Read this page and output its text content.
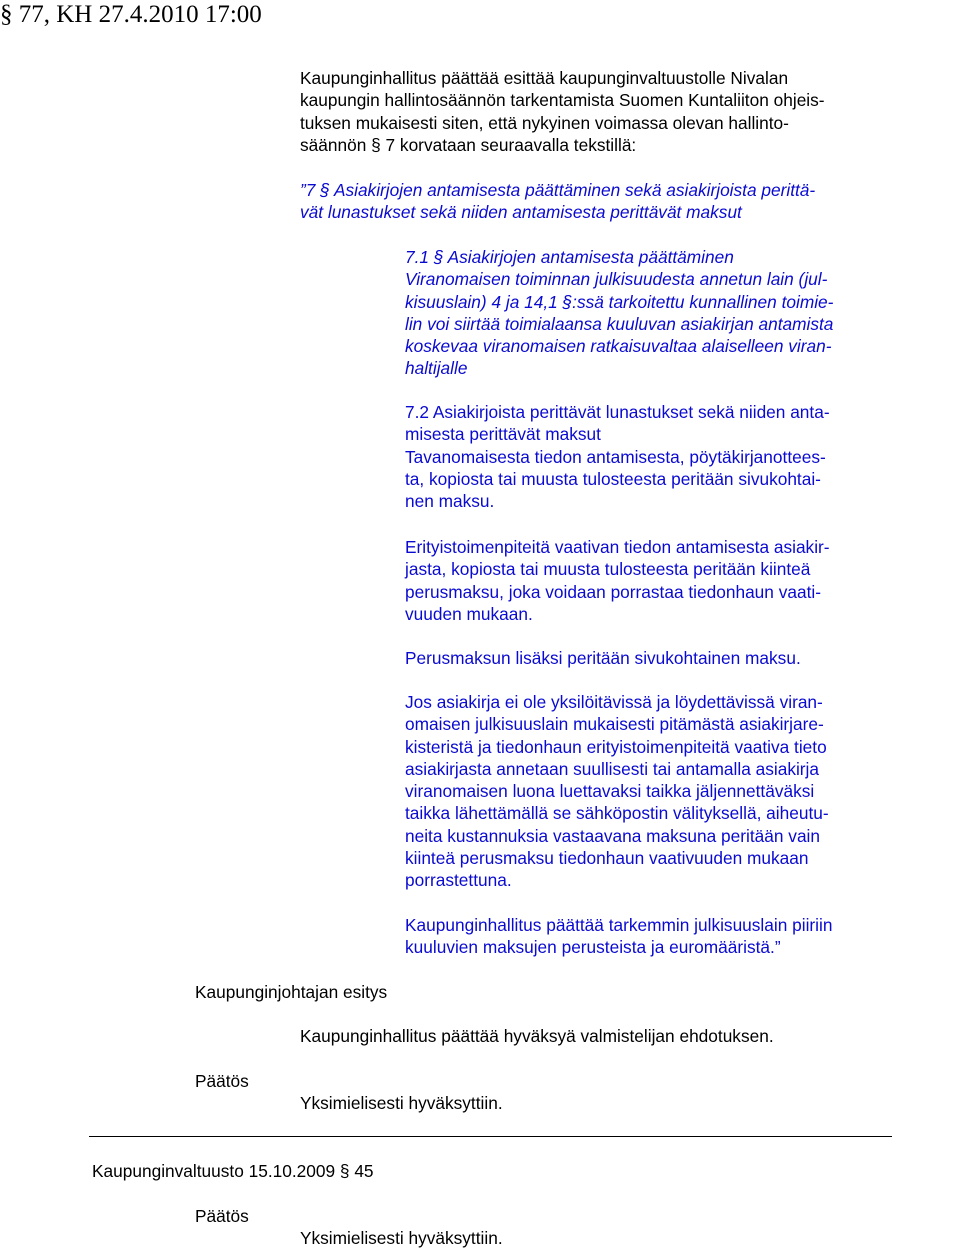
§ 77, KH 27.4.2010 17:00
Kaupunginhallitus päättää esittää kaupunginvaltuustolle Nivalan
kaupungin hallintosäännön tarkentamista Suomen Kuntaliiton ohjeis-
tuksen mukaisesti siten, että nykyinen voimassa olevan hallinto-
säännön § 7 korvataan seuraavalla tekstillä:
”7 § Asiakirjojen antamisesta päättäminen sekä asiakirjoista perittä-
vät lunastukset sekä niiden antamisesta perittävät maksut
7.1 § Asiakirjojen antamisesta päättäminen
Viranomaisen toiminnan julkisuudesta annetun lain (jul-
kisuuslain) 4 ja 14,1 §:ssä tarkoitettu kunnallinen toimie-
lin voi siirtää toimialaansa kuuluvan asiakirjan antamista
koskevaa viranomaisen ratkaisuvaltaa alaiselleen viran-
haltijalle
7.2 Asiakirjoista perittävät lunastukset sekä niiden anta-
misesta perittävät maksut
Tavanomaisesta tiedon antamisesta, pöytäkirjanottees-
ta, kopiosta tai muusta tulosteesta peritään sivukohtai-
nen maksu.
Erityistoimenpiteitä vaativan tiedon antamisesta asiakir-
jasta, kopiosta tai muusta tulosteesta peritään kiinteä
perusmaksu, joka voidaan porrastaa tiedonhaun vaati-
vuuden mukaan.
Perusmaksun lisäksi peritään sivukohtainen maksu.
Jos asiakirja ei ole yksilöitävissä ja löydettävissä viran-
omaisen julkisuuslain mukaisesti pitämästä asiakirjare-
kisteristä ja tiedonhaun erityistoimenpiteitä vaativa tieto
asiakirjasta annetaan suullisesti tai antamalla asiakirja
viranomaisen luona luettavaksi taikka jäljennettäväksi
taikka lähettämällä se sähköpostin välityksellä, aiheutu-
neita kustannuksia vastaavana maksuna peritään vain
kiinteä perusmaksu tiedonhaun vaativuuden mukaan
porrastettuna.
Kaupunginhallitus päättää tarkemmin julkisuuslain piiriin
kuuluvien maksujen perusteista ja euromääristä.”
Kaupunginjohtajan esitys
Kaupunginhallitus päättää hyväksyä valmistelijan ehdotuksen.
Päätös
Yksimielisesti hyväksyttiin.
Kaupunginvaltuusto 15.10.2009 § 45
Päätös
Yksimielisesti hyväksyttiin.
